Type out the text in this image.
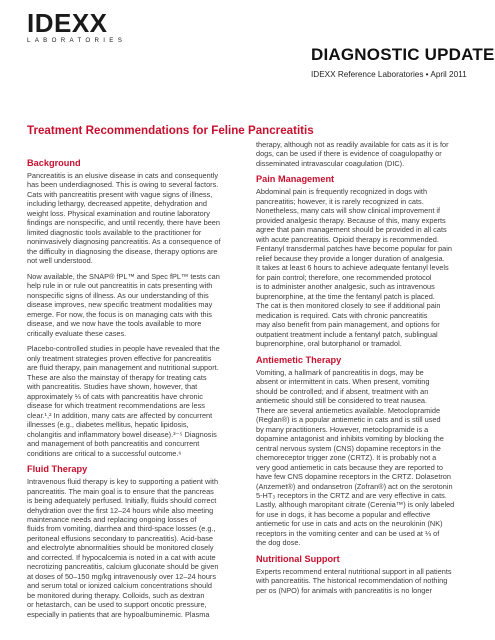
IDEXX
LABORATORIES
DIAGNOSTIC UPDATE
IDEXX Reference Laboratories • April 2011
Treatment Recommendations for Feline Pancreatitis
Background

Pancreatitis is an elusive disease in cats and consequently
has been underdiagnosed. This is owing to several factors.
Cats with pancreatitis present with vague signs of illness,
including lethargy, decreased appetite, dehydration and
weight loss. Physical examination and routine laboratory
findings are nonspecific, and until recently, there have been
limited diagnostic tools available to the practitioner for
noninvasively diagnosing pancreatitis. As a consequence of
the difficulty in diagnosing the disease, therapy options are
not well understood.

Now available, the SNAP® fPL™ and Spec fPL™ tests can
help rule in or rule out pancreatitis in cats presenting with
nonspecific signs of illness. As our understanding of this
disease improves, new specific treatment modalities may
emerge. For now, the focus is on managing cats with this
disease, and we now have the tools available to more
critically evaluate these cases.

Placebo-controlled studies in people have revealed that the
only treatment strategies proven effective for pancreatitis
are fluid therapy, pain management and nutritional support.
These are also the mainstay of therapy for treating cats
with pancreatitis. Studies have shown, however, that
approximately ⅓ of cats with pancreatitis have chronic
disease for which treatment recommendations are less
clear.¹,² In addition, many cats are affected by concurrent
illnesses (e.g., diabetes mellitus, hepatic lipidosis,
cholangitis and inflammatory bowel disease).³⁻⁵ Diagnosis
and management of both pancreatitis and concurrent
conditions are critical to a successful outcome.⁶

Fluid Therapy

Intravenous fluid therapy is key to supporting a patient with
pancreatitis. The main goal is to ensure that the pancreas
is being adequately perfused. Initially, fluids should correct
dehydration over the first 12–24 hours while also meeting
maintenance needs and replacing ongoing losses of
fluids from vomiting, diarrhea and third-space losses (e.g.,
peritoneal effusions secondary to pancreatitis). Acid-base
and electrolyte abnormalities should be monitored closely
and corrected. If hypocalcemia is noted in a cat with acute
necrotizing pancreatitis, calcium gluconate should be given
at doses of 50–150 mg/kg intravenously over 12–24 hours
and serum total or ionized calcium concentrations should
be monitored during therapy. Colloids, such as dextran
or hetastarch, can be used to support oncotic pressure,
especially in patients that are hypoalbuminemic. Plasma

therapy, although not as readily available for cats as it is for
dogs, can be used if there is evidence of coagulopathy or
disseminated intravascular coagulation (DIC).

Pain Management

Abdominal pain is frequently recognized in dogs with
pancreatitis; however, it is rarely recognized in cats.
Nonetheless, many cats will show clinical improvement if
provided analgesic therapy. Because of this, many experts
agree that pain management should be provided in all cats
with acute pancreatitis. Opioid therapy is recommended.
Fentanyl transdermal patches have become popular for pain
relief because they provide a longer duration of analgesia.
It takes at least 6 hours to achieve adequate fentanyl levels
for pain control; therefore, one recommended protocol
is to administer another analgesic, such as intravenous
buprenorphine, at the time the fentanyl patch is placed.
The cat is then monitored closely to see if additional pain
medication is required. Cats with chronic pancreatitis
may also benefit from pain management, and options for
outpatient treatment include a fentanyl patch, sublingual
buprenorphine, oral butorphanol or tramadol.

Antiemetic Therapy

Vomiting, a hallmark of pancreatitis in dogs, may be
absent or intermittent in cats. When present, vomiting
should be controlled; and if absent, treatment with an
antiemetic should still be considered to treat nausea.
There are several antiemetics available. Metoclopramide
(Reglan®) is a popular antiemetic in cats and is still used
by many practitioners. However, metoclopramide is a
dopamine antagonist and inhibits vomiting by blocking the
central nervous system (CNS) dopamine receptors in the
chemoreceptor trigger zone (CRTZ). It is probably not a
very good antiemetic in cats because they are reported to
have few CNS dopamine receptors in the CRTZ. Dolasetron
(Anzemet®) and ondansetron (Zofran®) act on the serotonin
5-HT₃ receptors in the CRTZ and are very effective in cats.
Lastly, although maropitant citrate (Cerenia™) is only labeled
for use in dogs, it has become a popular and effective
antiemetic for use in cats and acts on the neurokinin (NK)
receptors in the vomiting center and can be used at ⅓ of
the dog dose.

Nutritional Support

Experts recommend enteral nutritional support in all patients
with pancreatitis. The historical recommendation of nothing
per os (NPO) for animals with pancreatitis is no longer
